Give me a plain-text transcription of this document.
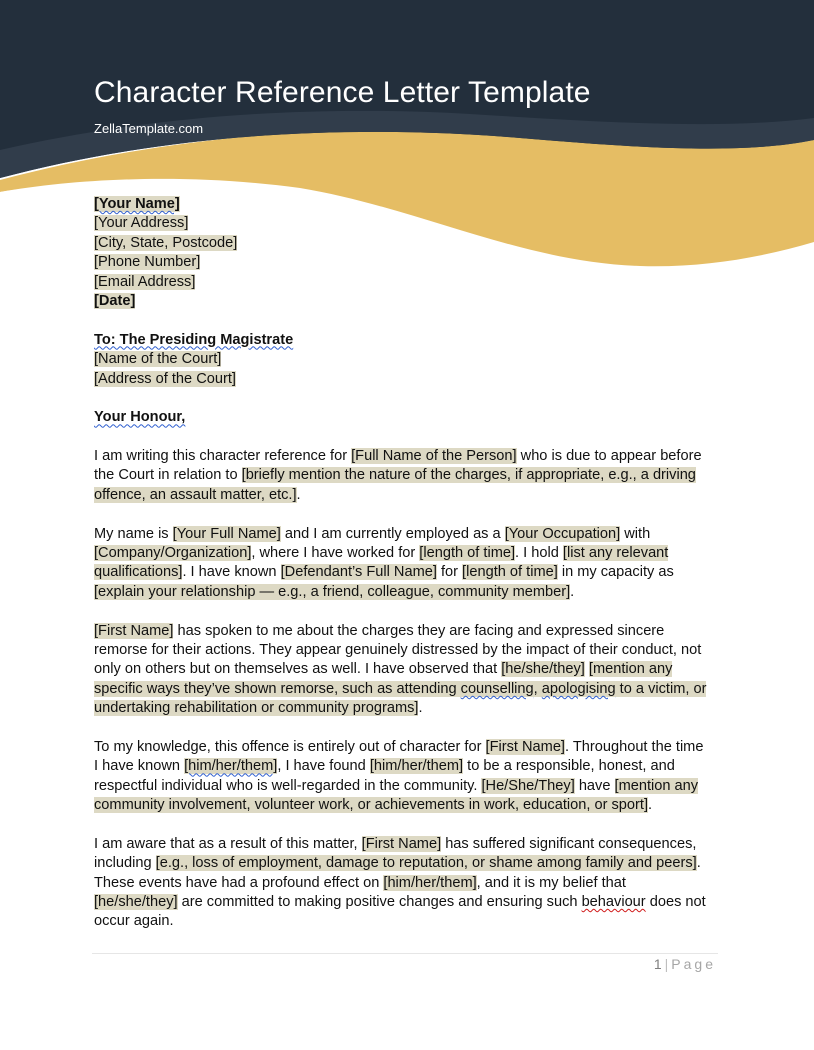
Character Reference Letter Template
ZellaTemplate.com
[Your Name]
[Your Address]
[City, State, Postcode]
[Phone Number]
[Email Address]
[Date]
To: The Presiding Magistrate
[Name of the Court]
[Address of the Court]
Your Honour,
I am writing this character reference for [Full Name of the Person] who is due to appear before
the Court in relation to [briefly mention the nature of the charges, if appropriate, e.g., a driving
offence, an assault matter, etc.].
My name is [Your Full Name] and I am currently employed as a [Your Occupation] with
[Company/Organization], where I have worked for [length of time]. I hold [list any relevant
qualifications]. I have known [Defendant’s Full Name] for [length of time] in my capacity as
[explain your relationship — e.g., a friend, colleague, community member].
[First Name] has spoken to me about the charges they are facing and expressed sincere
remorse for their actions. They appear genuinely distressed by the impact of their conduct, not
only on others but on themselves as well. I have observed that [he/she/they] [mention any
specific ways they’ve shown remorse, such as attending counselling, apologising to a victim, or
undertaking rehabilitation or community programs].
To my knowledge, this offence is entirely out of character for [First Name]. Throughout the time
I have known [him/her/them], I have found [him/her/them] to be a responsible, honest, and
respectful individual who is well-regarded in the community. [He/She/They] have [mention any
community involvement, volunteer work, or achievements in work, education, or sport].
I am aware that as a result of this matter, [First Name] has suffered significant consequences,
including [e.g., loss of employment, damage to reputation, or shame among family and peers].
These events have had a profound effect on [him/her/them], and it is my belief that
[he/she/they] are committed to making positive changes and ensuring such behaviour does not
occur again.
1 | Page
